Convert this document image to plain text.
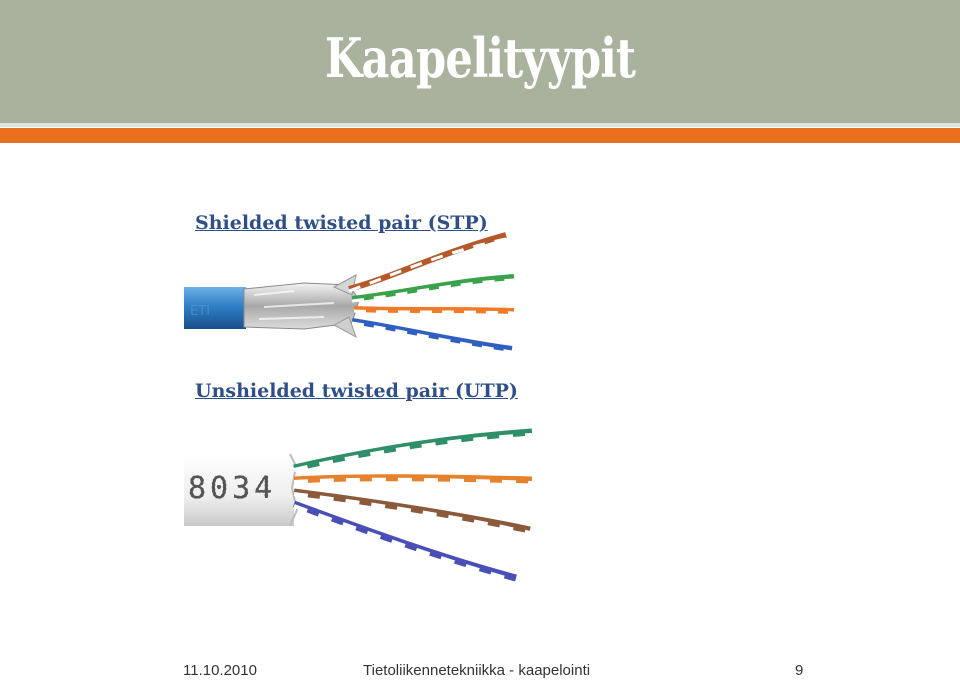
Kaapelityypit
Shielded twisted pair (STP)
ΕΤΙ
Unshielded twisted pair (UTP)
8034
11.10.2010	Tietoliikennetekniikka - kaapelointi	9
